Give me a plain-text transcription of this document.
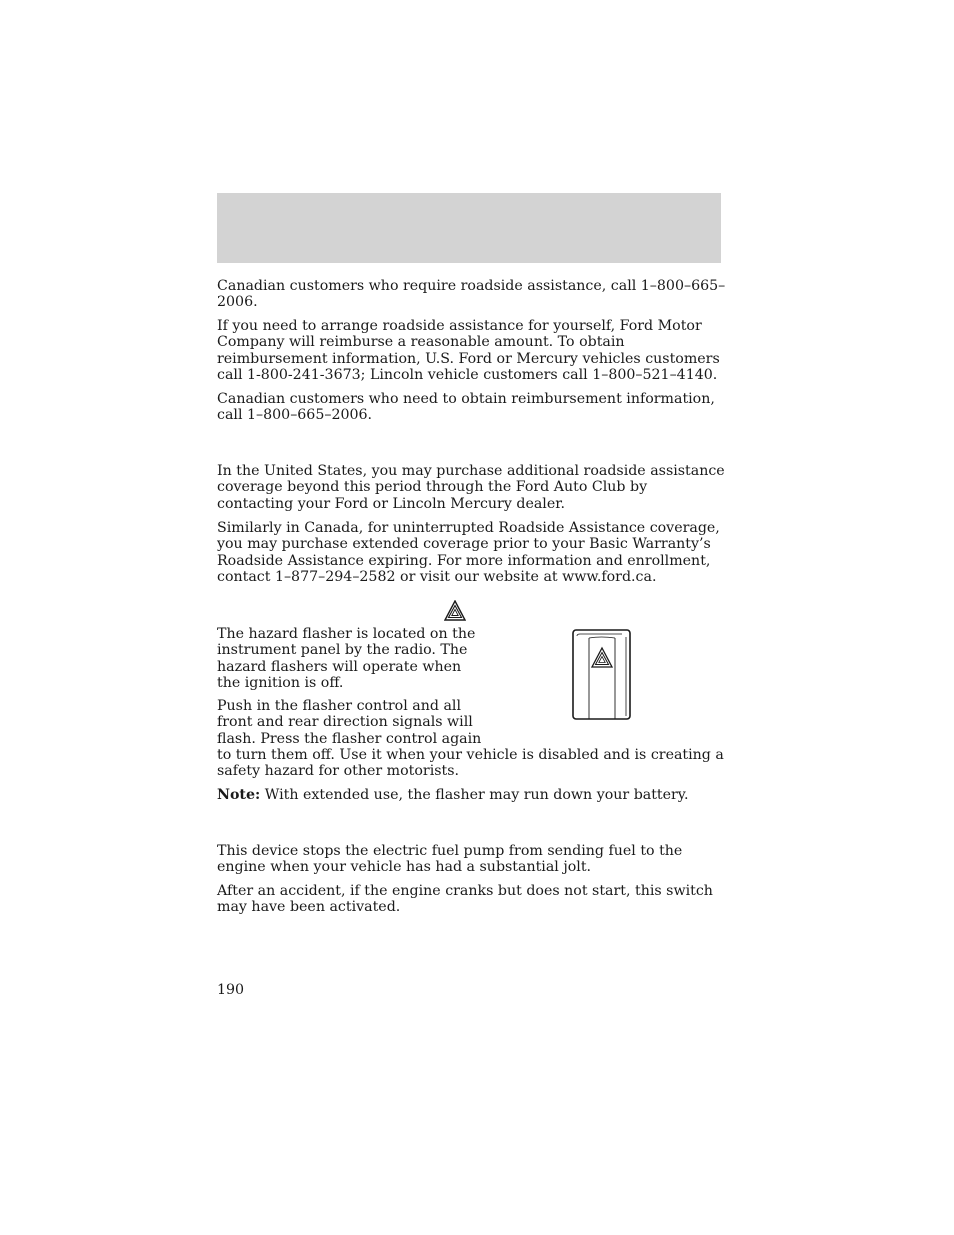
Canadian customers who require roadside assistance, call 1–800–665–2006.

If you need to arrange roadside assistance for yourself, Ford Motor Company will reimburse a reasonable amount. To obtain reimbursement information, U.S. Ford or Mercury vehicles customers call 1-800-241-3673; Lincoln vehicle customers call 1–800–521–4140.

Canadian customers who need to obtain reimbursement information, call 1–800–665–2006.

In the United States, you may purchase additional roadside assistance coverage beyond this period through the Ford Auto Club by contacting your Ford or Lincoln Mercury dealer.

Similarly in Canada, for uninterrupted Roadside Assistance coverage, you may purchase extended coverage prior to your Basic Warranty’s Roadside Assistance expiring. For more information and enrollment, contact 1–877–294–2582 or visit our website at www.ford.ca.

The hazard flasher is located on the
instrument panel by the radio. The
hazard flashers will operate when
the ignition is off.
Push in the flasher control and all
front and rear direction signals will
flash. Press the flasher control again
to turn them off. Use it when your vehicle is disabled and is creating a
safety hazard for other motorists.

Note: With extended use, the flasher may run down your battery.

This device stops the electric fuel pump from sending fuel to the engine when your vehicle has had a substantial jolt.

After an accident, if the engine cranks but does not start, this switch may have been activated.

190
